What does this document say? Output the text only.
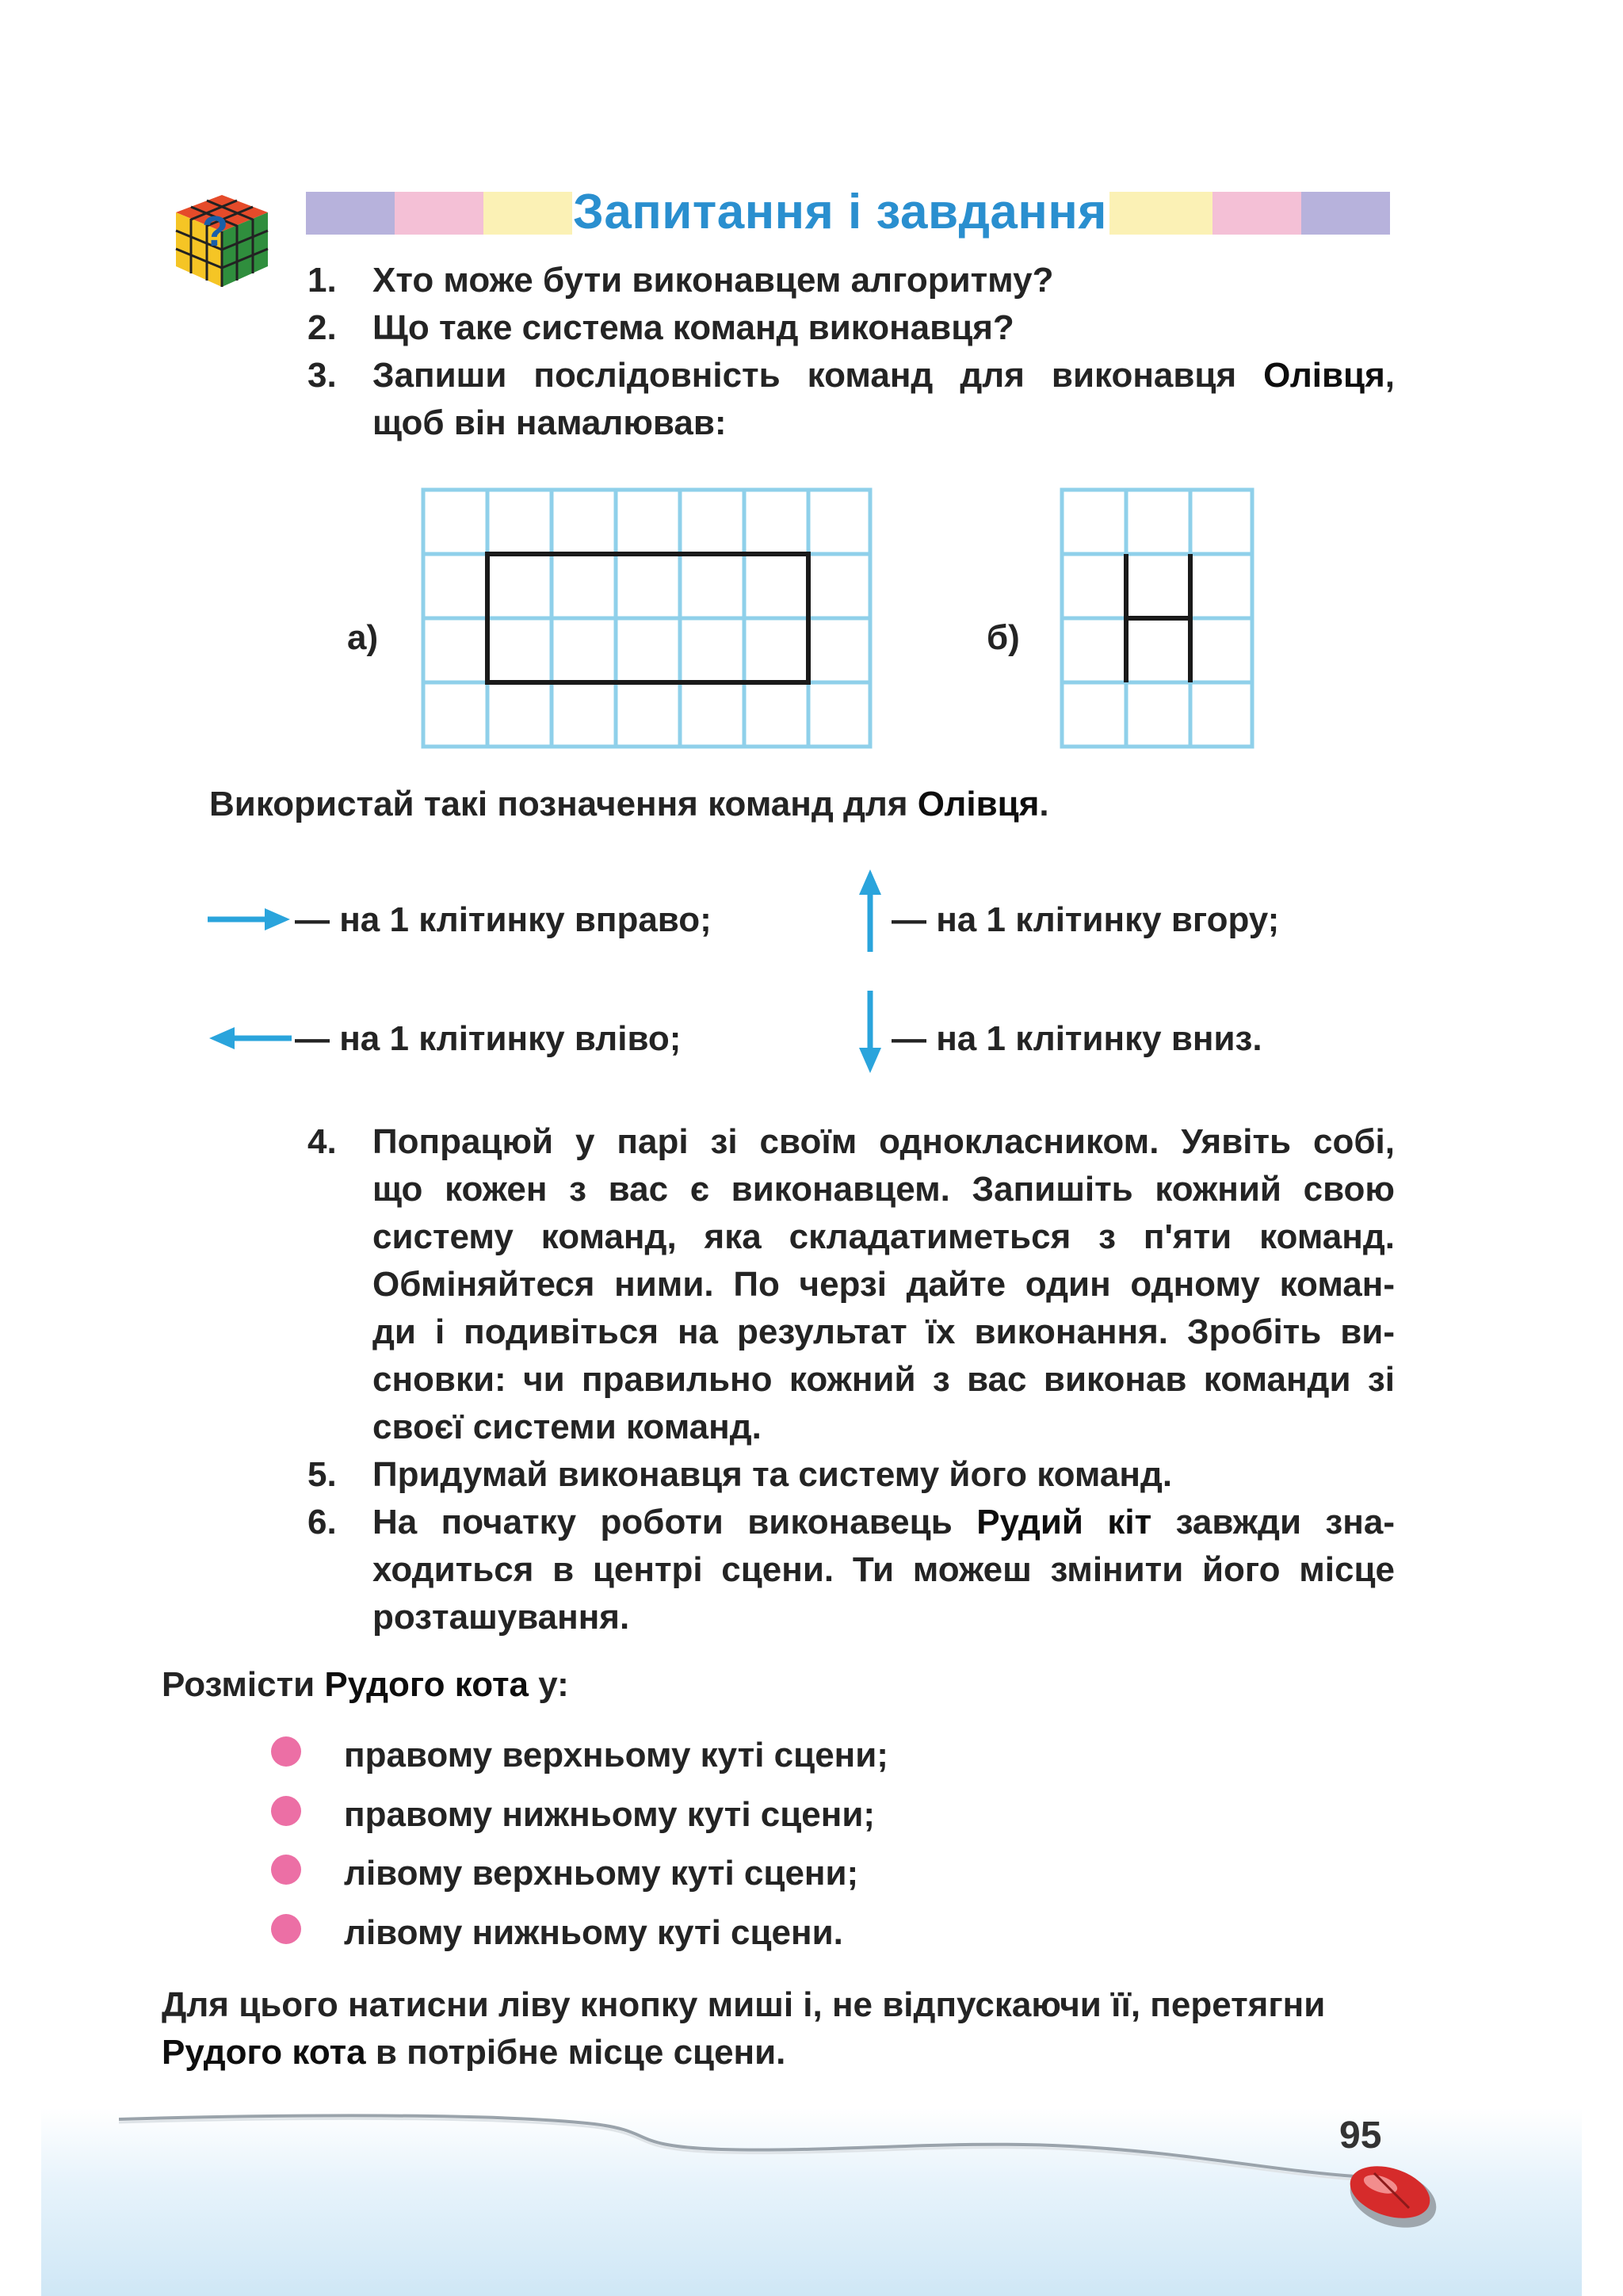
?	Запитання і завдання
1.	Хто може бути виконавцем алгоритму?
2.	Що таке система команд виконавця?
3.	Запиши послідовність команд для виконавця Олівця,
щоб він намалював:
а)	б)
Використай такі позначення команд для Олівця.
— на 1 клітинку вправо;	— на 1 клітинку вгору;
— на 1 клітинку вліво;	— на 1 клітинку вниз.
4.	Попрацюй у парі зі своїм однокласником. Уявіть собі,
що кожен з вас є виконавцем. Запишіть кожний свою
систему команд, яка складатиметься з п'яти команд.
Обміняйтеся ними. По черзі дайте один одному коман-
ди і подивіться на результат їх виконання. Зробіть ви-
сновки: чи правильно кожний з вас виконав команди зі
своєї системи команд.
5.	Придумай виконавця та систему його команд.
6.	На початку роботи виконавець Рудий кіт завжди зна-
ходиться в центрі сцени. Ти можеш змінити його місце
розташування.
Розмісти Рудого кота у:
правому верхньому куті сцени;
правому нижньому куті сцени;
лівому верхньому куті сцени;
лівому нижньому куті сцени.
Для цього натисни ліву кнопку миші і, не відпускаючи її, перетягни
Рудого кота в потрібне місце сцени.
95
